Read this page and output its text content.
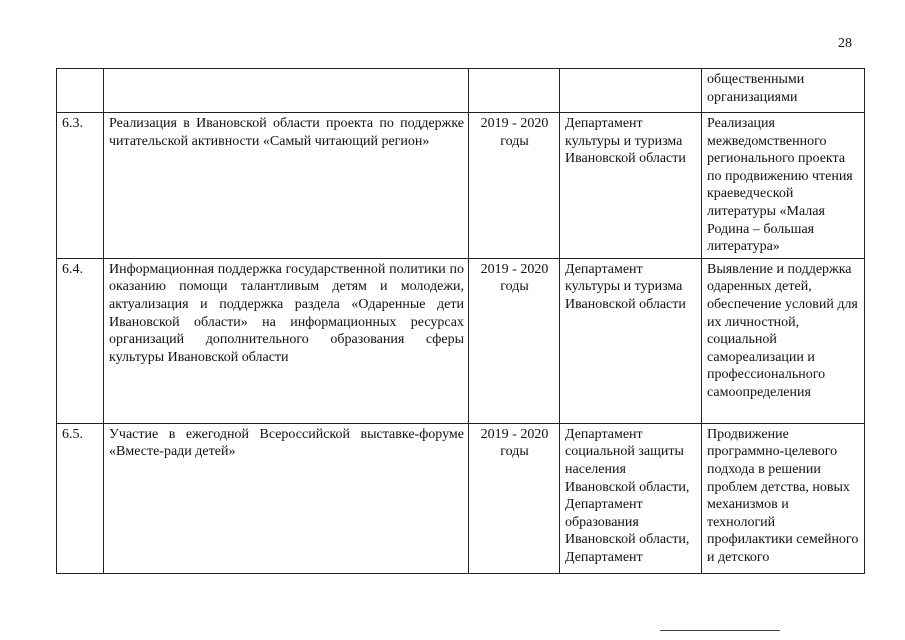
28
				общественными организациями
6.3.	Реализация в Ивановской области проекта по поддержке читательской активности «Самый читающий регион»	2019 - 2020 годы	Департамент культуры и туризма Ивановской области	Реализация межведомственного регионального проекта по продвижению чтения краеведческой литературы «Малая Родина – большая литература»
6.4.	Информационная поддержка государственной политики по оказанию помощи талантливым детям и молодежи, актуализация и поддержка раздела «Одаренные дети Ивановской области» на информационных ресурсах организаций дополнительного образования сферы культуры Ивановской области	2019 - 2020 годы	Департамент культуры и туризма Ивановской области	Выявление и поддержка одаренных детей, обеспечение условий для их личностной, социальной самореализации и профессионального самоопределения
6.5.	Участие в ежегодной Всероссийской выставке-форуме «Вместе-ради детей»	2019 - 2020 годы	Департамент социальной защиты населения Ивановской области, Департамент образования Ивановской области, Департамент	Продвижение программно-целевого подхода в решении проблем детства, новых механизмов и технологий профилактики семейного и детского
